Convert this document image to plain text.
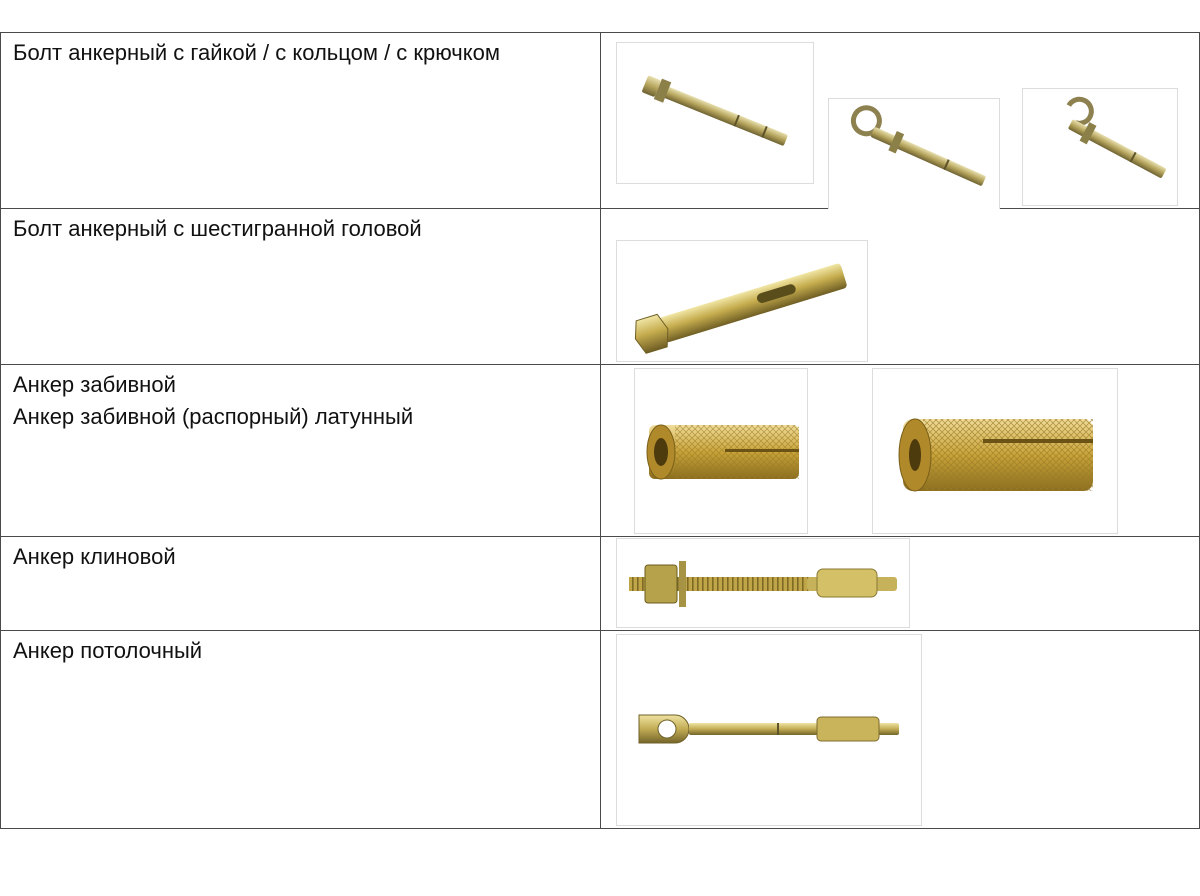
Болт анкерный с гайкой / с кольцом / с крючком

Болт анкерный с шестигранной головой

Анкер забивной
Анкер забивной (распорный) латунный

Анкер клиновой

Анкер потолочный
